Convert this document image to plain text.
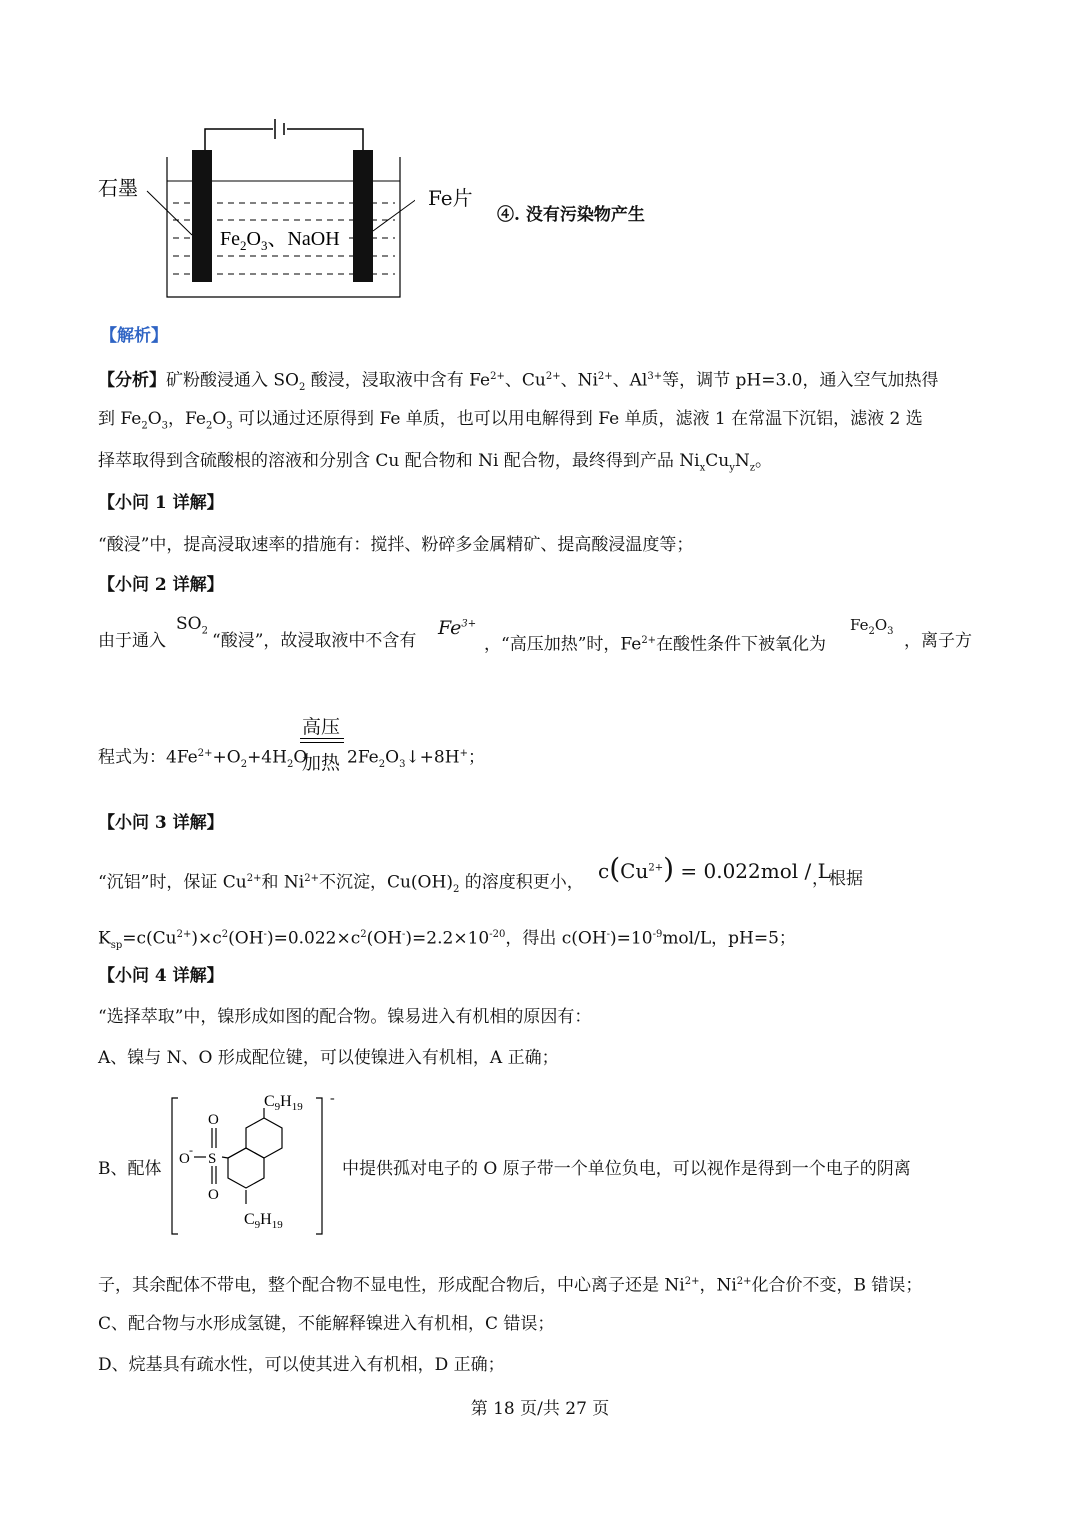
石墨
$Fe_2O_3$、NaOH
Fe片
④. 没有污染物产生
【解析】
【分析】矿粉酸浸通入 $SO_2$ 酸浸，浸取液中含有 $Fe^{2+}$、$Cu^{2+}$、$Ni^{2+}$、$Al^{3+}$等，调节 pH=3.0，通入空气加热得
到 $Fe_2O_3$，$Fe_2O_3$ 可以通过还原得到 Fe 单质，也可以用电解得到 Fe 单质，滤液 1 在常温下沉铝，滤液 2 选
择萃取得到含硫酸根的溶液和分别含 Cu 配合物和 Ni 配合物，最终得到产品 $Ni_xCu_yN_z$。
【小问 1 详解】
“酸浸”中，提高浸取速率的措施有：搅拌、粉碎多金属精矿、提高酸浸温度等；
【小问 2 详解】
由于通入
$SO_2$
“酸浸”，故浸取液中不含有
$Fe^{3+}$
，“高压加热”时，$Fe^{2+}$在酸性条件下被氧化为
$Fe_2O_3$ ，离子方
程式为：$4Fe^{2+}+O_2+4H_2O$
高压
加热 $2Fe_2O_3↓+8H^+$；
【小问 3 详解】
“沉铝”时，保证 $Cu^{2+}$和 $Ni^{2+}$不沉淀，$Cu(OH)_2$ 的溶度积更小， $c(Cu^{2+}) = 0.022mol / L$
，根据
$K_{sp}=c(Cu^{2+})\times c^2(OH^-)=0.022\times c^2(OH^-)=2.2\times 10^{-20}$，得出 $c(OH^-)=10^{-9}mol/L$，pH=5；
【小问 4 详解】
“选择萃取”中，镍形成如图的配合物。镍易进入有机相的原因有：
A、镍与 N、O 形成配位键，可以使镍进入有机相，A 正确；
B、配体
-
O
S
O
O
-
$C_9H_{19}$
$C_9H_{19}$
中提供孤对电子的 O 原子带一个单位负电，可以视作是得到一个电子的阴离
子，其余配体不带电，整个配合物不显电性，形成配合物后，中心离子还是 $Ni^{2+}$，$Ni^{2+}$化合价不变，B 错误；
C、配合物与水形成氢键，不能解释镍进入有机相，C 错误；
D、烷基具有疏水性，可以使其进入有机相，D 正确；
第 18 页/共 27 页
